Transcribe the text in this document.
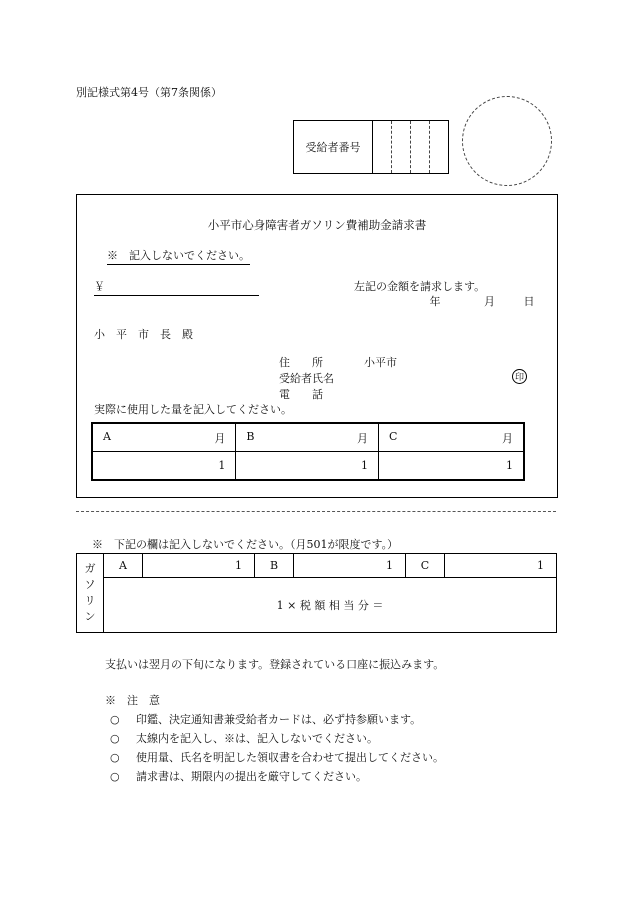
別記様式第4号（第7条関係）
受給者番号
小平市心身障害者ガソリン費補助金請求書
※　記入しないでください。
￥	左記の金額を請求します。
年	月	日
小　平　市　長　殿
住　　所	小平市
受給者氏名	印
電　　話
実際に使用した量を記入してください。
A 月	B 月	C 月

1	1	1
※　下記の欄は記入しないでください。（月501が限度です。）
ガ
ソ
リ
ン	A	1	B	1	C	1
1 × 税 額 相 当 分 ＝
支払いは翌月の下旬になります。登録されている口座に振込みます。
※　注　意
○ 印鑑、決定通知書兼受給者カードは、必ず持参願います。
○ 太線内を記入し、※は、記入しないでください。
○ 使用量、氏名を明記した領収書を合わせて提出してください。
○ 請求書は、期限内の提出を厳守してください。
